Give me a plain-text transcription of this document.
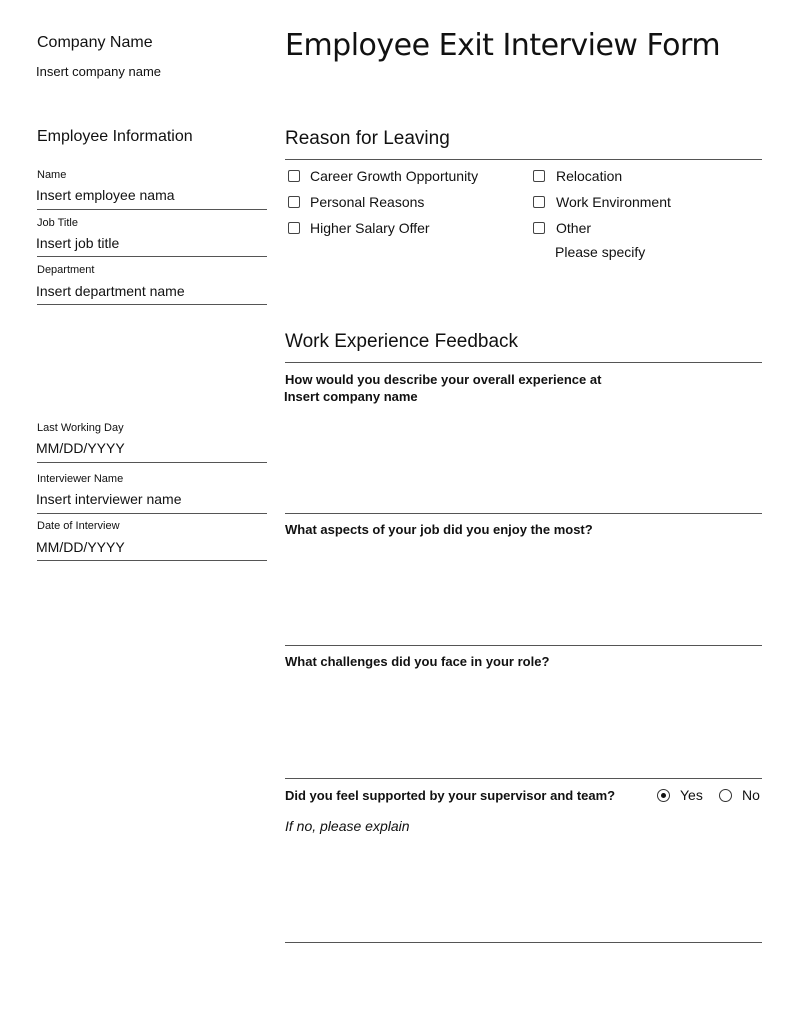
Company Name
Insert company name
Employee Exit Interview Form
Employee Information
Name
Insert employee nama
Job Title
Insert job title
Department
Insert department name
Last Working Day
MM/DD/YYYY
Interviewer Name
Insert interviewer name
Date of Interview
MM/DD/YYYY
Reason for Leaving
Career Growth Opportunity
Personal Reasons
Higher Salary Offer
Relocation
Work Environment
Other
Please specify
Work Experience Feedback
How would you describe your overall experience at
Insert company name
What aspects of your job did you enjoy the most?
What challenges did you face in your role?
Did you feel supported by your supervisor and team?	Yes	No
If no, please explain
